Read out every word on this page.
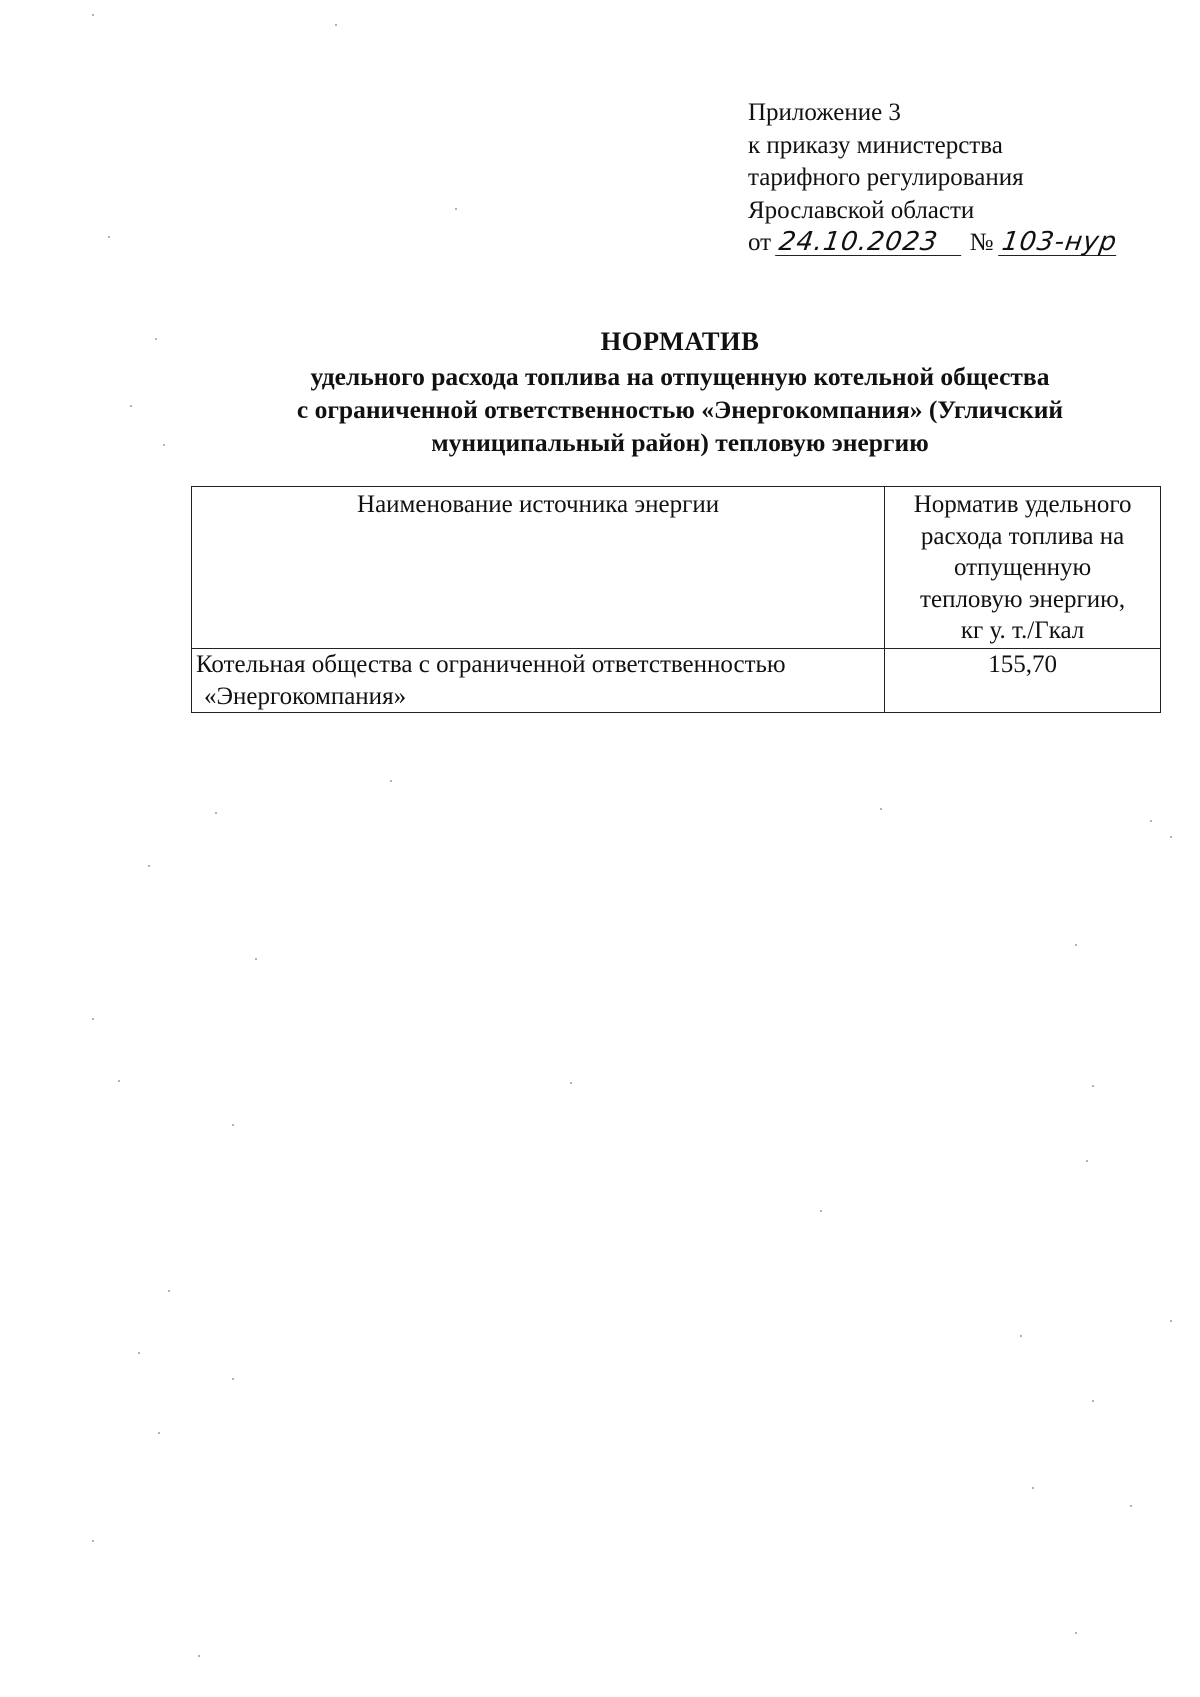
Приложение 3
к приказу министерства
тарифного регулирования
Ярославской области
от 24.10.2023 № 103-нур
НОРМАТИВ
удельного расхода топлива на отпущенную котельной общества
с ограниченной ответственностью «Энергокомпания» (Угличский
муниципальный район) тепловую энергию
Наименование источника энергии	Норматив удельного
расхода топлива на
отпущенную
тепловую энергию,
кг у. т./Гкал

Котельная общества с ограниченной ответственностью
«Энергокомпания»	155,70
